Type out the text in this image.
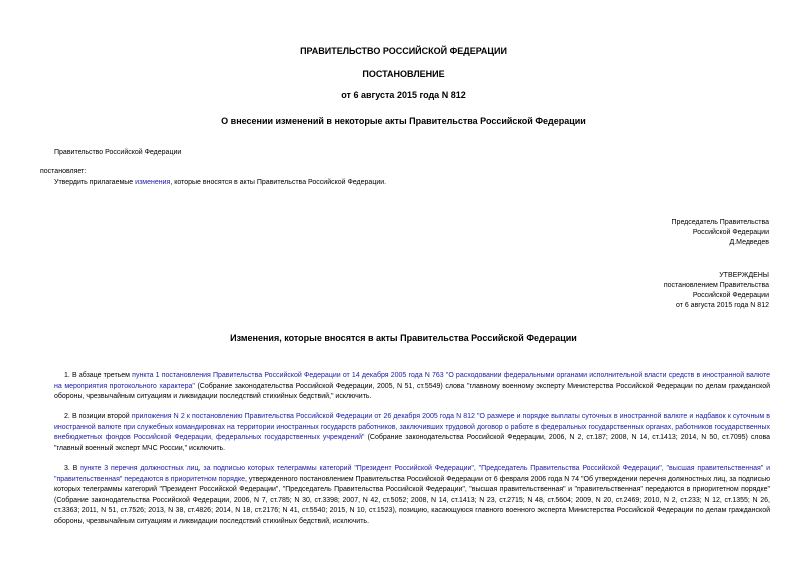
ПРАВИТЕЛЬСТВО РОССИЙСКОЙ ФЕДЕРАЦИИ
ПОСТАНОВЛЕНИЕ
от 6 августа 2015 года N 812
О внесении изменений в некоторые акты Правительства Российской Федерации
Правительство Российской Федерации
постановляет:
Утвердить прилагаемые изменения, которые вносятся в акты Правительства Российской Федерации.
Председатель Правительства
Российской Федерации
Д.Медведев
УТВЕРЖДЕНЫ
постановлением Правительства
Российской Федерации
от 6 августа 2015 года N 812
Изменения, которые вносятся в акты Правительства Российской Федерации
1. В абзаце третьем пункта 1 постановления Правительства Российской Федерации от 14 декабря 2005 года N 763 "О расходовании федеральными органами исполнительной власти средств в иностранной валюте на мероприятия протокольного характера" (Собрание законодательства Российской Федерации, 2005, N 51, ст.5549) слова "главному военному эксперту Министерства Российской Федерации по делам гражданской обороны, чрезвычайным ситуациям и ликвидации последствий стихийных бедствий," исключить.
2. В позиции второй приложения N 2 к постановлению Правительства Российской Федерации от 26 декабря 2005 года N 812 "О размере и порядке выплаты суточных в иностранной валюте и надбавок к суточным в иностранной валюте при служебных командировках на территории иностранных государств работников, заключивших трудовой договор о работе в федеральных государственных органах, работников государственных внебюджетных фондов Российской Федерации, федеральных государственных учреждений" (Собрание законодательства Российской Федерации, 2006, N 2, ст.187; 2008, N 14, ст.1413; 2014, N 50, ст.7095) слова "главный военный эксперт МЧС России," исключить.
3. В пункте 3 перечня должностных лиц, за подписью которых телеграммы категорий "Президент Российской Федерации", "Председатель Правительства Российской Федерации", "высшая правительственная" и "правительственная" передаются в приоритетном порядке, утвержденного постановлением Правительства Российской Федерации от 6 февраля 2006 года N 74 "Об утверждении перечня должностных лиц, за подписью которых телеграммы категорий "Президент Российской Федерации", "Председатель Правительства Российской Федерации", "высшая правительственная" и "правительственная" передаются в приоритетном порядке" (Собрание законодательства Российской Федерации, 2006, N 7, ст.785; N 30, ст.3398; 2007, N 42, ст.5052; 2008, N 14, ст.1413; N 23, ст.2715; N 48, ст.5604; 2009, N 20, ст.2469; 2010, N 2, ст.233; N 12, ст.1355; N 26, ст.3363; 2011, N 51, ст.7526; 2013, N 38, ст.4826; 2014, N 18, ст.2176; N 41, ст.5540; 2015, N 10, ст.1523), позицию, касающуюся главного военного эксперта Министерства Российской Федерации по делам гражданской обороны, чрезвычайным ситуациям и ликвидации последствий стихийных бедствий, исключить.
